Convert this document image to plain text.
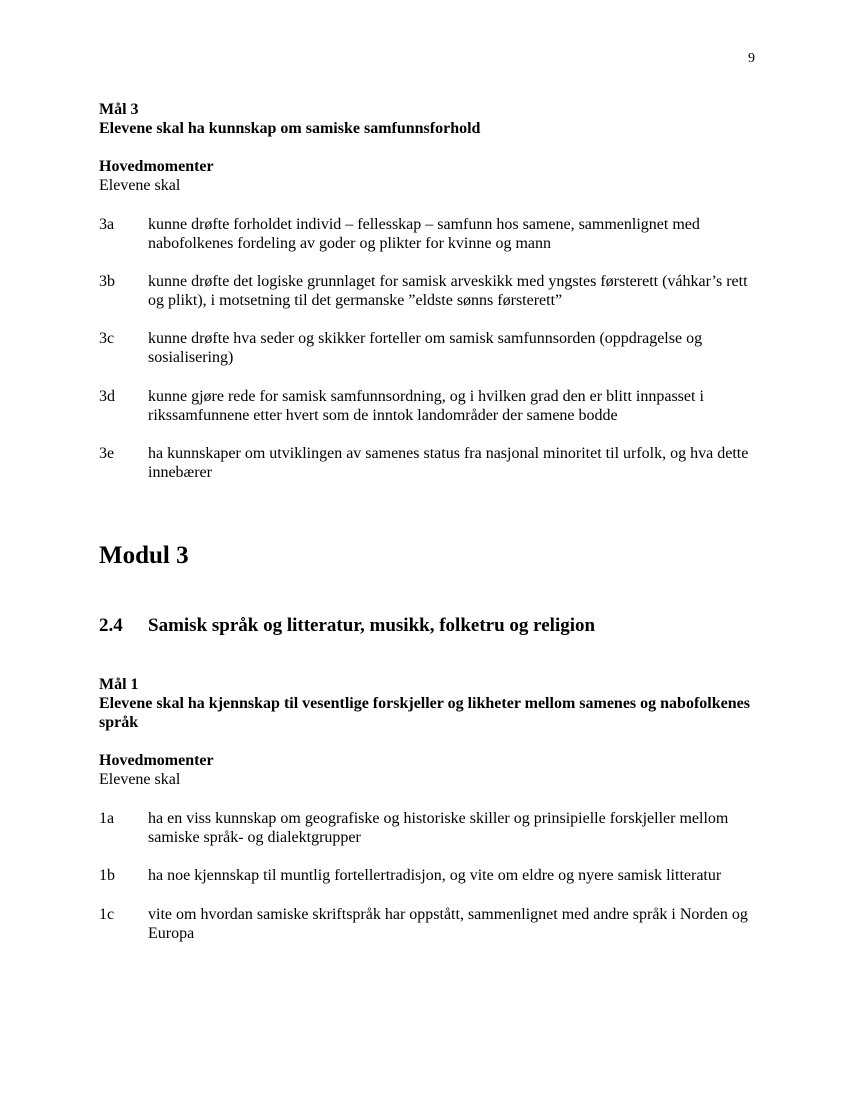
9
Mål 3
Elevene skal ha kunnskap om samiske samfunnsforhold
Hovedmomenter
Elevene skal
3a	kunne drøfte forholdet individ – fellesskap – samfunn hos samene, sammenlignet med nabofolkenes fordeling av goder og plikter for kvinne og mann
3b	kunne drøfte det logiske grunnlaget for samisk arveskikk med yngstes førsterett (váhkar’s rett og plikt), i motsetning til det germanske ”eldste sønns førsterett”
3c	kunne drøfte hva seder og skikker forteller om samisk samfunnsorden (oppdragelse og sosialisering)
3d	kunne gjøre rede for samisk samfunnsordning, og i hvilken grad den er blitt innpasset i rikssamfunnene etter hvert som de inntok landområder der samene bodde
3e	ha kunnskaper om utviklingen av samenes status fra nasjonal minoritet til urfolk, og hva dette innebærer
Modul 3
2.4 Samisk språk og litteratur, musikk, folketru og religion
Mål 1
Elevene skal ha kjennskap til vesentlige forskjeller og likheter mellom samenes og nabofolkenes språk
Hovedmomenter
Elevene skal
1a	ha en viss kunnskap om geografiske og historiske skiller og prinsipielle forskjeller mellom samiske språk- og dialektgrupper
1b	ha noe kjennskap til muntlig fortellertradisjon, og vite om eldre og nyere samisk litteratur
1c	vite om hvordan samiske skriftspråk har oppstått, sammenlignet med andre språk i Norden og Europa
